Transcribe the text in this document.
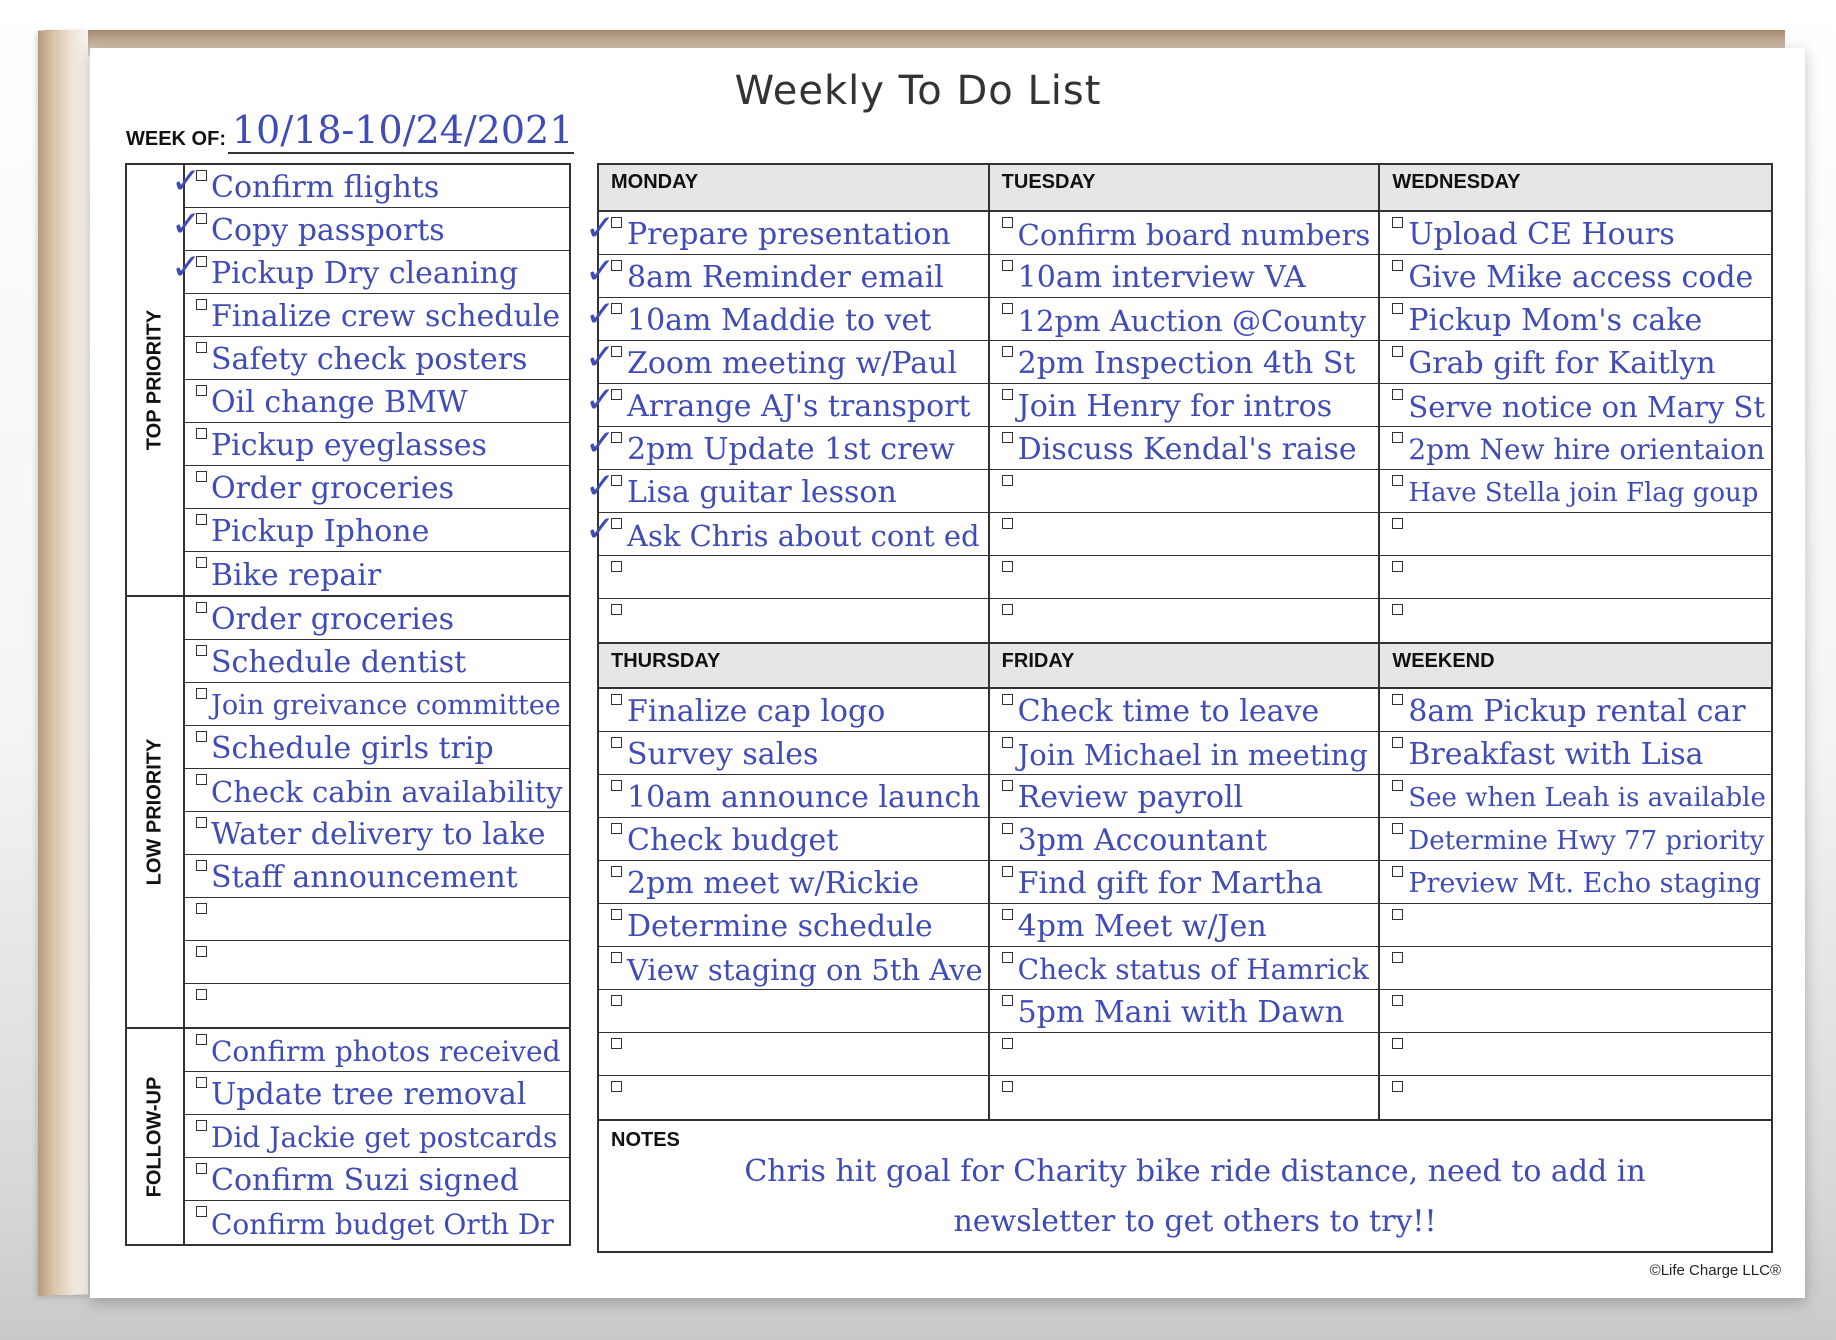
Weekly To Do List
WEEK OF: 10/18-10/24/2021
TOP PRIORITY
✓ Confirm flights
✓ Copy passports
✓ Pickup Dry cleaning
Finalize crew schedule
Safety check posters
Oil change BMW
Pickup eyeglasses
Order groceries
Pickup Iphone
Bike repair
LOW PRIORITY
Order groceries
Schedule dentist
Join greivance committee
Schedule girls trip
Check cabin availability
Water delivery to lake
Staff announcement
FOLLOW-UP
Confirm photos received
Update tree removal
Did Jackie get postcards
Confirm Suzi signed
Confirm budget Orth Dr
MONDAY
✓ Prepare presentation
✓ 8am Reminder email
✓ 10am Maddie to vet
✓ Zoom meeting w/Paul
✓ Arrange AJ's transport
✓ 2pm Update 1st crew
✓ Lisa guitar lesson
✓ Ask Chris about cont ed
TUESDAY
Confirm board numbers
10am interview VA
12pm Auction @County
2pm Inspection 4th St
Join Henry for intros
Discuss Kendal's raise
WEDNESDAY
Upload CE Hours
Give Mike access code
Pickup Mom's cake
Grab gift for Kaitlyn
Serve notice on Mary St
2pm New hire orientaion
Have Stella join Flag goup
THURSDAY
Finalize cap logo
Survey sales
10am announce launch
Check budget
2pm meet w/Rickie
Determine schedule
View staging on 5th Ave
FRIDAY
Check time to leave
Join Michael in meeting
Review payroll
3pm Accountant
Find gift for Martha
4pm Meet w/Jen
Check status of Hamrick
5pm Mani with Dawn
WEEKEND
8am Pickup rental car
Breakfast with Lisa
See when Leah is available
Determine Hwy 77 priority
Preview Mt. Echo staging
NOTES
Chris hit goal for Charity bike ride distance, need to add in newsletter to get others to try!!
©Life Charge LLC®
